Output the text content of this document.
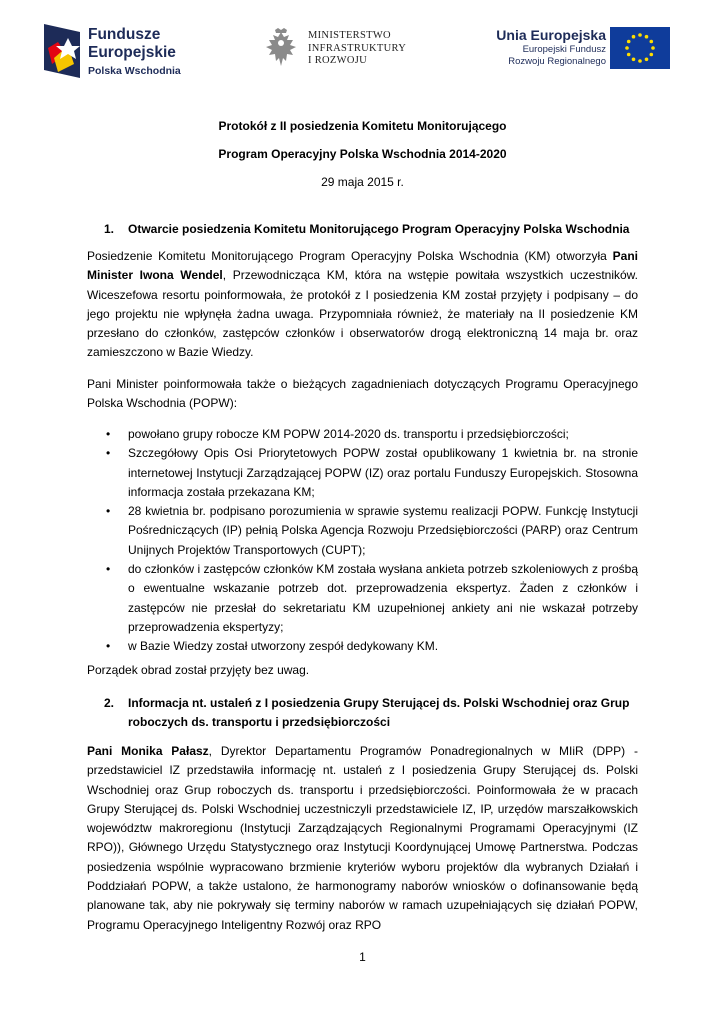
Fundusze
Europejskie
Polska Wschodnia
MINISTERSTWO
INFRASTRUKTURY
I ROZWOJU
Unia Europejska
Europejski Fundusz
Rozwoju Regionalnego
Protokół z II posiedzenia Komitetu Monitorującego
Program Operacyjny Polska Wschodnia 2014-2020
29 maja 2015 r.
1. Otwarcie posiedzenia Komitetu Monitorującego Program Operacyjny Polska Wschodnia
Posiedzenie Komitetu Monitorującego Program Operacyjny Polska Wschodnia (KM) otworzyła Pani Minister Iwona Wendel, Przewodnicząca KM, która na wstępie powitała wszystkich uczestników. Wiceszefowa resortu poinformowała, że protokół z I posiedzenia KM został przyjęty i podpisany – do jego projektu nie wpłynęła żadna uwaga. Przypomniała również, że materiały na II posiedzenie KM przesłano do członków, zastępców członków i obserwatorów drogą elektroniczną 14 maja br. oraz zamieszczono w Bazie Wiedzy.
Pani Minister poinformowała także o bieżących zagadnieniach dotyczących Programu Operacyjnego Polska Wschodnia (POPW):
• powołano grupy robocze KM POPW 2014-2020 ds. transportu i przedsiębiorczości;
• Szczegółowy Opis Osi Priorytetowych POPW został opublikowany 1 kwietnia br. na stronie internetowej Instytucji Zarządzającej POPW (IZ) oraz portalu Funduszy Europejskich. Stosowna informacja została przekazana KM;
• 28 kwietnia br. podpisano porozumienia w sprawie systemu realizacji POPW. Funkcję Instytucji Pośredniczących (IP) pełnią Polska Agencja Rozwoju Przedsiębiorczości (PARP) oraz Centrum Unijnych Projektów Transportowych (CUPT);
• do członków i zastępców członków KM została wysłana ankieta potrzeb szkoleniowych z prośbą o ewentualne wskazanie potrzeb dot. przeprowadzenia ekspertyz. Żaden z członków i zastępców nie przesłał do sekretariatu KM uzupełnionej ankiety ani nie wskazał potrzeby przeprowadzenia ekspertyzy;
• w Bazie Wiedzy został utworzony zespół dedykowany KM.
Porządek obrad został przyjęty bez uwag.
2. Informacja nt. ustaleń z I posiedzenia Grupy Sterującej ds. Polski Wschodniej oraz Grup
roboczych ds. transportu i przedsiębiorczości
Pani Monika Pałasz, Dyrektor Departamentu Programów Ponadregionalnych w MIiR (DPP) - przedstawiciel IZ przedstawiła informację nt. ustaleń z I posiedzenia Grupy Sterującej ds. Polski Wschodniej oraz Grup roboczych ds. transportu i przedsiębiorczości. Poinformowała że w pracach Grupy Sterującej ds. Polski Wschodniej uczestniczyli przedstawiciele IZ, IP, urzędów marszałkowskich województw makroregionu (Instytucji Zarządzających Regionalnymi Programami Operacyjnymi (IZ RPO)), Głównego Urzędu Statystycznego oraz Instytucji Koordynującej Umowę Partnerstwa. Podczas posiedzenia wspólnie wypracowano brzmienie kryteriów wyboru projektów dla wybranych Działań i Poddziałań POPW, a także ustalono, że harmonogramy naborów wniosków o dofinansowanie będą planowane tak, aby nie pokrywały się terminy naborów w ramach uzupełniających się działań POPW, Programu Operacyjnego Inteligentny Rozwój oraz RPO
1
